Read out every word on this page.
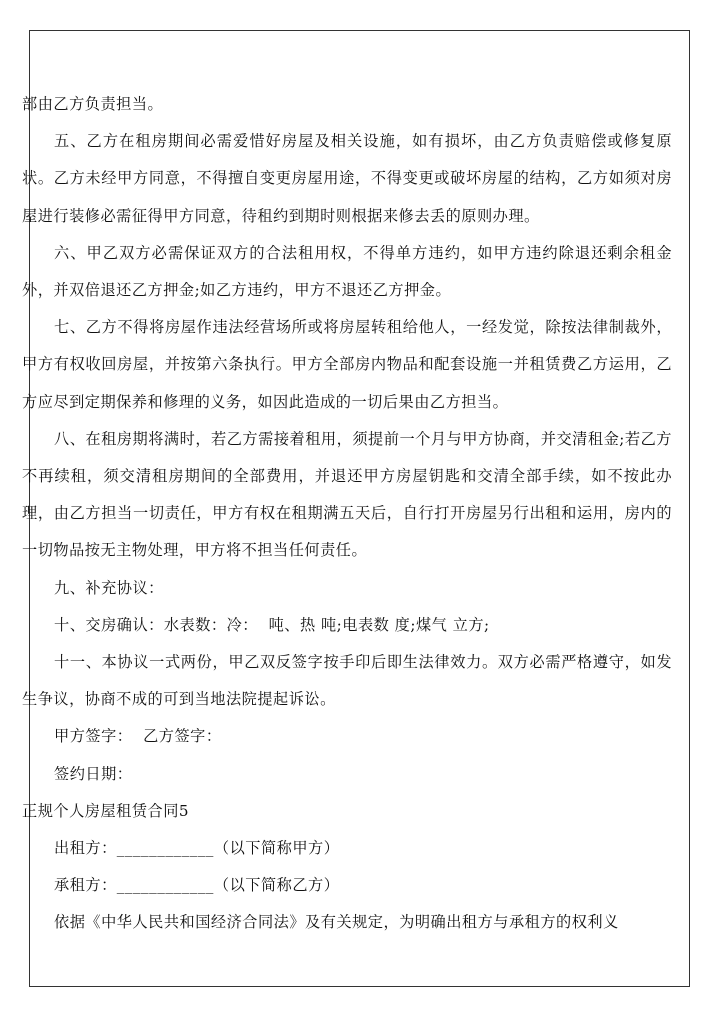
部由乙方负责担当。

五、乙方在租房期间必需爱惜好房屋及相关设施，如有损坏，由乙方负责赔偿或修复原状。乙方未经甲方同意，不得擅自变更房屋用途，不得变更或破坏房屋的结构，乙方如须对房屋进行装修必需征得甲方同意，待租约到期时则根据来修去丢的原则办理。

六、甲乙双方必需保证双方的合法租用权，不得单方违约，如甲方违约除退还剩余租金外，并双倍退还乙方押金;如乙方违约，甲方不退还乙方押金。

七、乙方不得将房屋作违法经营场所或将房屋转租给他人，一经发觉，除按法律制裁外，甲方有权收回房屋，并按第六条执行。甲方全部房内物品和配套设施一并租赁费乙方运用，乙方应尽到定期保养和修理的义务，如因此造成的一切后果由乙方担当。

八、在租房期将满时，若乙方需接着租用，须提前一个月与甲方协商，并交清租金;若乙方不再续租，须交清租房期间的全部费用，并退还甲方房屋钥匙和交清全部手续，如不按此办理，由乙方担当一切责任，甲方有权在租期满五天后，自行打开房屋另行出租和运用，房内的一切物品按无主物处理，甲方将不担当任何责任。

九、补充协议：

十、交房确认：水表数：冷：  吨、热 吨;电表数 度;煤气 立方;

十一、本协议一式两份，甲乙双反签字按手印后即生法律效力。双方必需严格遵守，如发生争议，协商不成的可到当地法院提起诉讼。

甲方签字：  乙方签字：

签约日期：

正规个人房屋租赁合同5

出租方：____________（以下简称甲方）

承租方：____________（以下简称乙方）

依据《中华人民共和国经济合同法》及有关规定，为明确出租方与承租方的权利义
